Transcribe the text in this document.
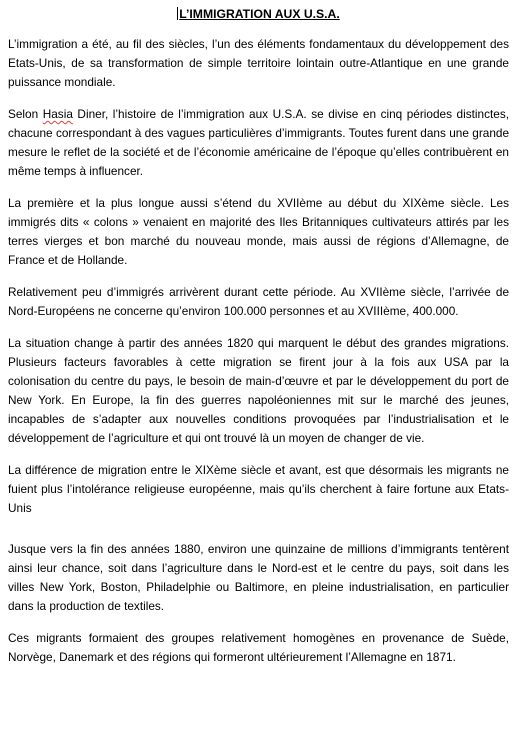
L’IMMIGRATION AUX U.S.A.

L’immigration a été, au fil des siècles, l’un des éléments fondamentaux du développement des Etats-Unis, de sa transformation de simple territoire lointain outre-Atlantique en une grande puissance mondiale.

Selon Hasia Diner, l’histoire de l’immigration aux U.S.A. se divise en cinq périodes distinctes, chacune correspondant à des vagues particulières d’immigrants. Toutes furent dans une grande mesure le reflet de la société et de l’économie américaine de l’époque qu’elles contribuèrent en même temps à influencer.

La première et la plus longue aussi s’étend du XVIIème au début du XIXème siècle. Les immigrés dits « colons » venaient en majorité des Iles Britanniques cultivateurs attirés par les terres vierges et bon marché du nouveau monde, mais aussi de régions d’Allemagne, de France et de Hollande.

Relativement peu d’immigrés arrivèrent durant cette période. Au XVIIème siècle, l’arrivée de Nord-Européens ne concerne qu’environ 100.000 personnes et au XVIIIème, 400.000.

La situation change à partir des années 1820 qui marquent le début des grandes migrations. Plusieurs facteurs favorables à cette migration se firent jour à la fois aux USA par la colonisation du centre du pays, le besoin de main-d’œuvre et par le développement du port de New York. En Europe, la fin des guerres napoléoniennes mit sur le marché des jeunes, incapables de s’adapter aux nouvelles conditions provoquées par l’industrialisation et le développement de l’agriculture et qui ont trouvé là un moyen de changer de vie.

La différence de migration entre le XIXème siècle et avant, est que désormais les migrants ne fuient plus l’intolérance religieuse européenne, mais qu’ils cherchent à faire fortune aux Etats-Unis

Jusque vers la fin des années 1880, environ une quinzaine de millions d’immigrants tentèrent ainsi leur chance, soit dans l’agriculture dans le Nord-est et le centre du pays, soit dans les villes New York, Boston, Philadelphie ou Baltimore, en pleine industrialisation, en particulier dans la production de textiles.

Ces migrants formaient des groupes relativement homogènes en provenance de Suède, Norvège, Danemark et des régions qui formeront ultérieurement l’Allemagne en 1871.
